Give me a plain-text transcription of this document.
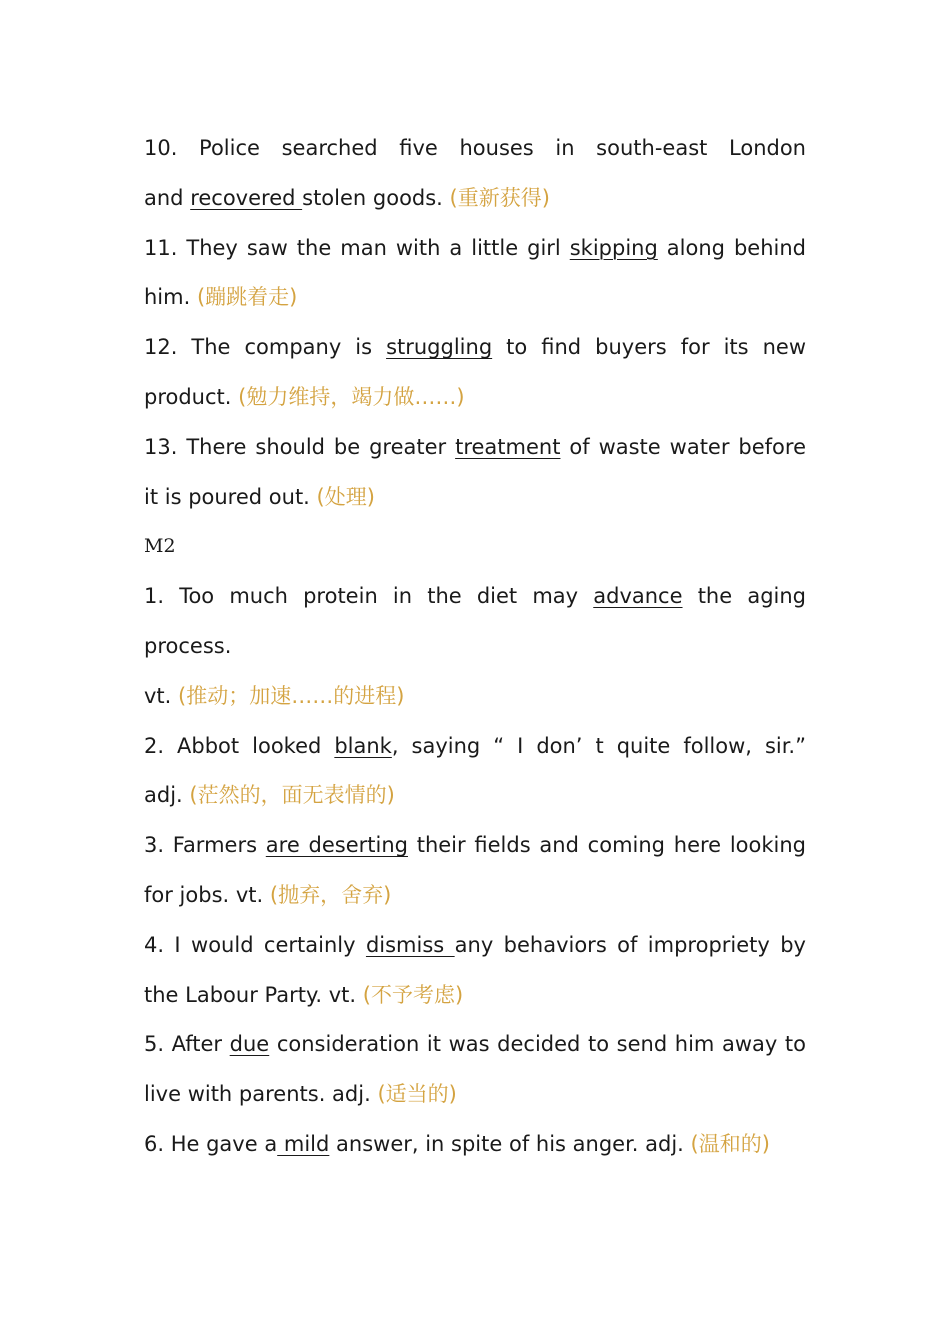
10. Police searched five houses in south-east London
and recovered stolen goods. (重新获得)
11. They saw the man with a little girl skipping along behind
him. (蹦跳着走)
12. The company is struggling to find buyers for its new
product. (勉力维持，竭力做……)
13. There should be greater treatment of waste water before
it is poured out. (处理)
M2
1. Too much protein in the diet may advance the aging
process.
vt. (推动；加速……的进程)
2. Abbot looked blank, saying “ I don’ t quite follow, sir.”
adj. (茫然的，面无表情的)
3. Farmers are deserting their fields and coming here looking
for jobs. vt. (抛弃，舍弃)
4. I would certainly dismiss any behaviors of impropriety by
the Labour Party. vt. (不予考虑)
5. After due consideration it was decided to send him away to
live with parents. adj. (适当的)
6. He gave a mild answer, in spite of his anger. adj. (温和的)
